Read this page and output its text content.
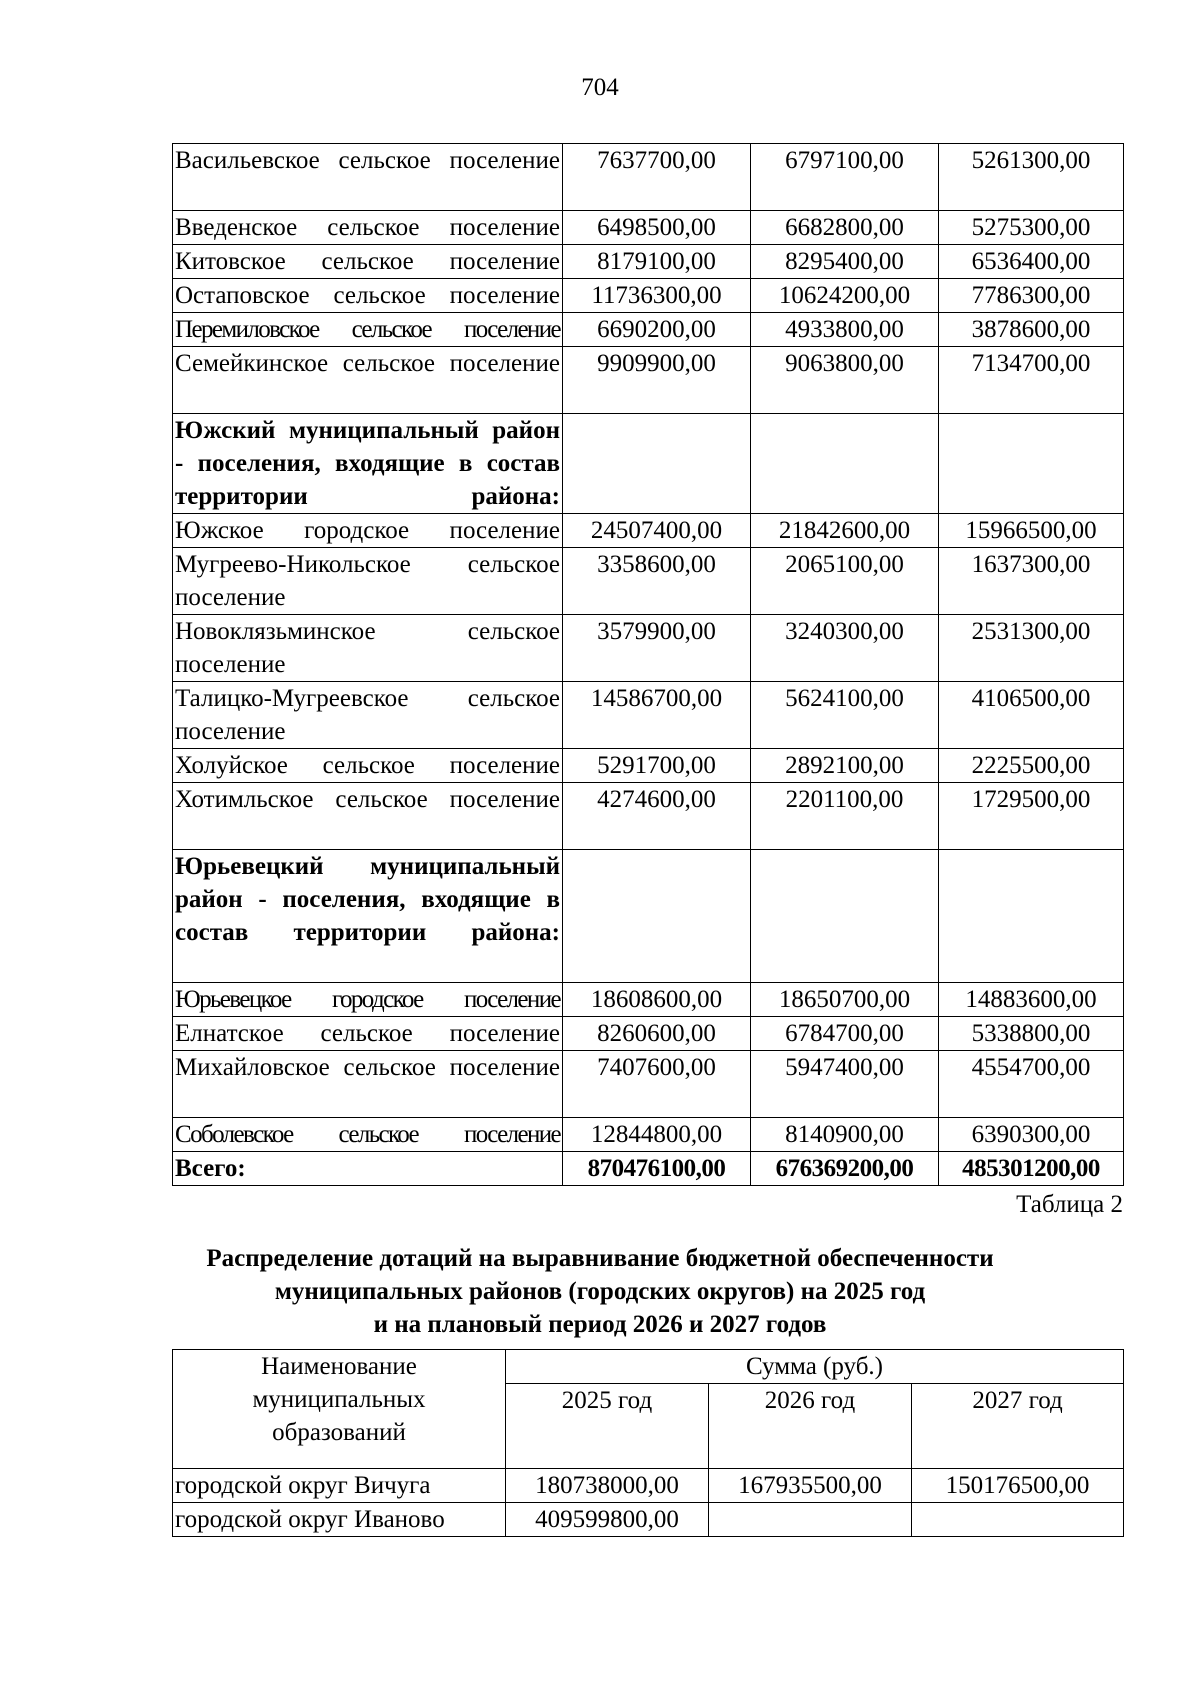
704
Васильевское сельское поселение	7637700,00	6797100,00	5261300,00
Введенское сельское поселение	6498500,00	6682800,00	5275300,00
Китовское сельское поселение	8179100,00	8295400,00	6536400,00
Остаповское сельское поселение	11736300,00	10624200,00	7786300,00
Перемиловское сельское поселение	6690200,00	4933800,00	3878600,00
Семейкинское сельское поселение	9909900,00	9063800,00	7134700,00
Южский муниципальный район - поселения, входящие в состав территории района:			
Южское городское поселение	24507400,00	21842600,00	15966500,00
Мугреево-Никольское сельское поселение	3358600,00	2065100,00	1637300,00
Новоклязьминское сельское поселение	3579900,00	3240300,00	2531300,00
Талицко-Мугреевское сельское поселение	14586700,00	5624100,00	4106500,00
Холуйское сельское поселение	5291700,00	2892100,00	2225500,00
Хотимльское сельское поселение	4274600,00	2201100,00	1729500,00
Юрьевецкий муниципальный район - поселения, входящие в состав территории района:			
Юрьевецкое городское поселение	18608600,00	18650700,00	14883600,00
Елнатское сельское поселение	8260600,00	6784700,00	5338800,00
Михайловское сельское поселение	7407600,00	5947400,00	4554700,00
Соболевское сельское поселение	12844800,00	8140900,00	6390300,00
Всего:	870476100,00	676369200,00	485301200,00
Таблица 2
Распределение дотаций на выравнивание бюджетной обеспеченности
муниципальных районов (городских округов) на 2025 год
и на плановый период 2026 и 2027 годов
Наименование муниципальных образований	Сумма (руб.)		
	2025 год	2026 год	2027 год
городской округ Вичуга	180738000,00	167935500,00	150176500,00
городской округ Иваново	409599800,00		
